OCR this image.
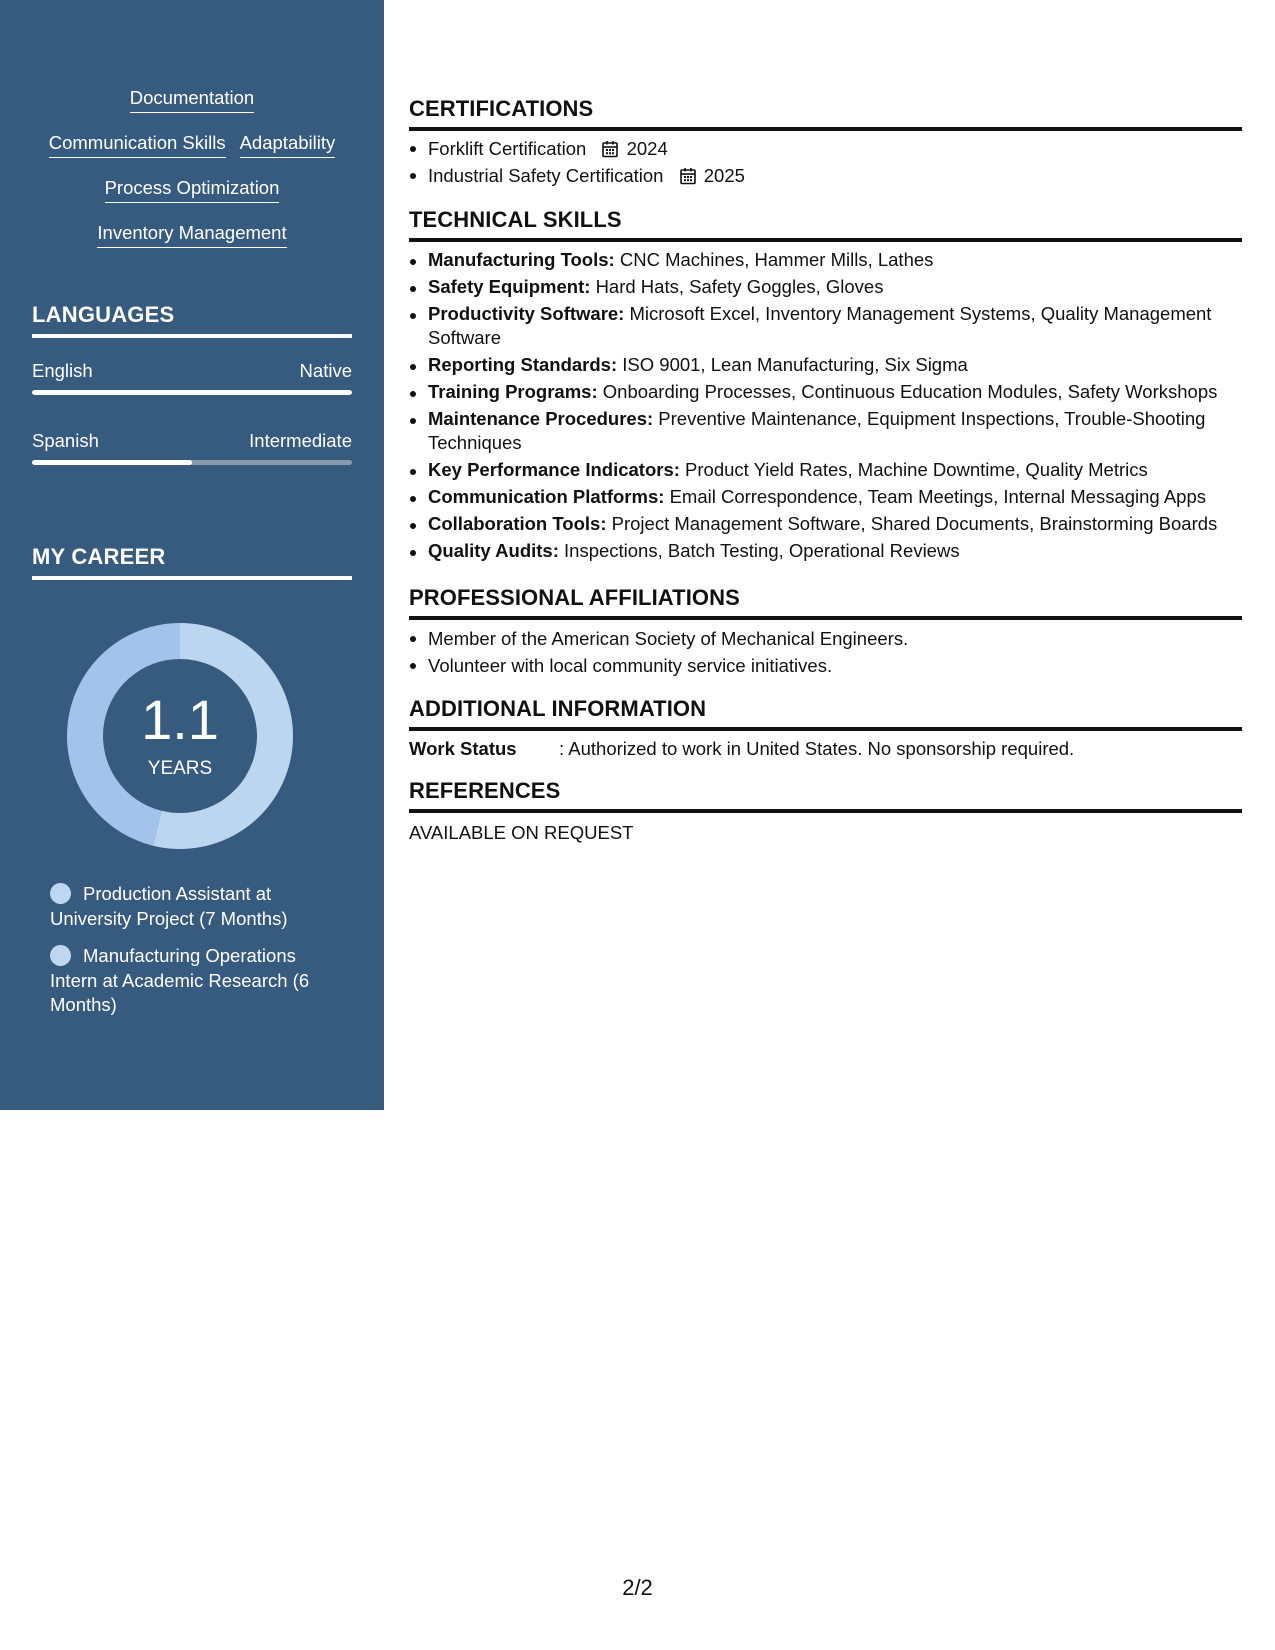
Documentation
Communication Skills Adaptability
Process Optimization
Inventory Management
LANGUAGES
English	Native
Spanish	Intermediate
MY CAREER
1.1
YEARS
Production Assistant at University Project (7 Months)
Manufacturing Operations Intern at Academic Research (6 Months)
CERTIFICATIONS
Forklift Certification 2024
Industrial Safety Certification 2025
TECHNICAL SKILLS
Manufacturing Tools: CNC Machines, Hammer Mills, Lathes
Safety Equipment: Hard Hats, Safety Goggles, Gloves
Productivity Software: Microsoft Excel, Inventory Management Systems, Quality Management Software
Reporting Standards: ISO 9001, Lean Manufacturing, Six Sigma
Training Programs: Onboarding Processes, Continuous Education Modules, Safety Workshops
Maintenance Procedures: Preventive Maintenance, Equipment Inspections, Trouble-Shooting Techniques
Key Performance Indicators: Product Yield Rates, Machine Downtime, Quality Metrics
Communication Platforms: Email Correspondence, Team Meetings, Internal Messaging Apps
Collaboration Tools: Project Management Software, Shared Documents, Brainstorming Boards
Quality Audits: Inspections, Batch Testing, Operational Reviews
PROFESSIONAL AFFILIATIONS
Member of the American Society of Mechanical Engineers.
Volunteer with local community service initiatives.
ADDITIONAL INFORMATION
Work Status : Authorized to work in United States. No sponsorship required.
REFERENCES
AVAILABLE ON REQUEST
2/2
